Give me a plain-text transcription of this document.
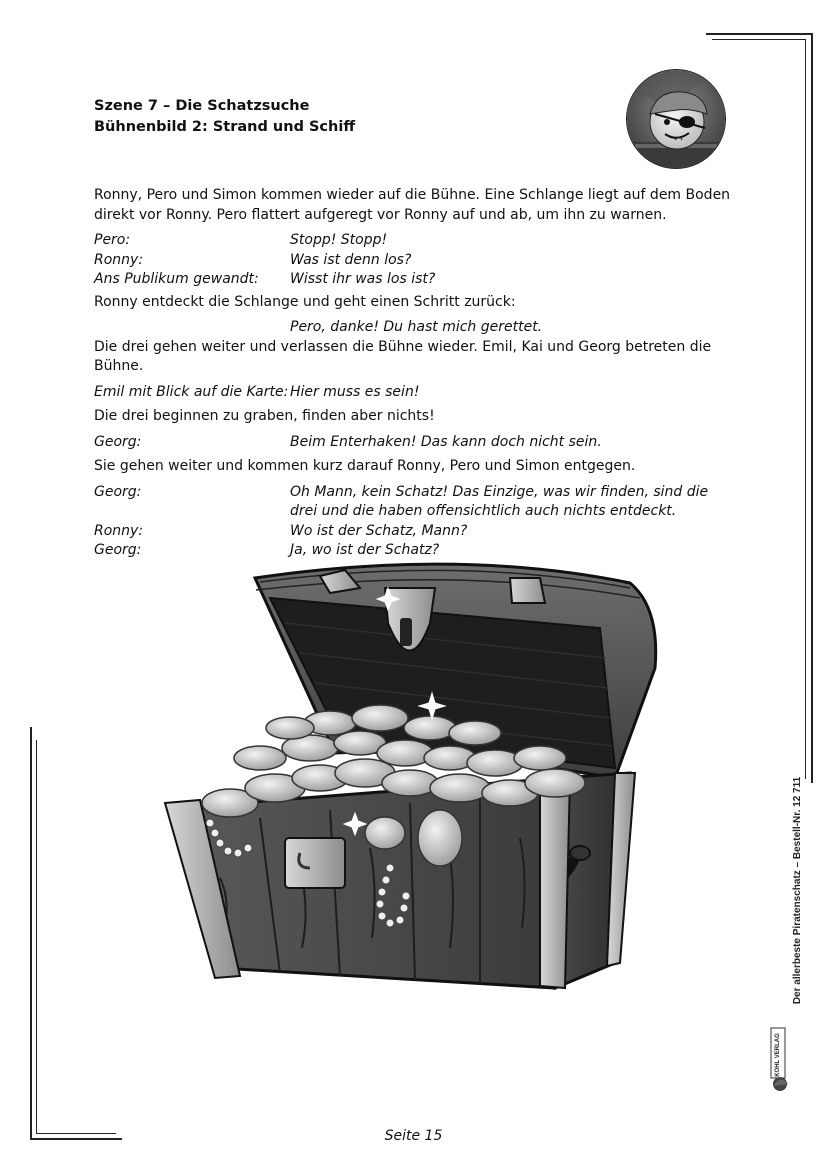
Szene 7 – Die Schatzsuche
Bühnenbild 2: Strand und Schiff

Ronny, Pero und Simon kommen wieder auf die Bühne. Eine Schlange liegt auf dem Boden direkt vor Ronny. Pero flattert aufgeregt vor Ronny auf und ab, um ihn zu warnen.

Pero:	Stopp! Stopp!
Ronny:	Was ist denn los?
Ans Publikum gewandt:	Wisst ihr was los ist?

Ronny entdeckt die Schlange und geht einen Schritt zurück:

Pero, danke! Du hast mich gerettet.

Die drei gehen weiter und verlassen die Bühne wieder. Emil, Kai und Georg betreten die Bühne.

Emil mit Blick auf die Karte: Hier muss es sein!

Die drei beginnen zu graben, finden aber nichts!

Georg:	Beim Enterhaken! Das kann doch nicht sein.

Sie gehen weiter und kommen kurz darauf Ronny, Pero und Simon entgegen.

Georg:	Oh Mann, kein Schatz! Das Einzige, was wir finden, sind die drei und die haben offensichtlich auch nichts entdeckt.
Ronny:	Wo ist der Schatz, Mann?
Georg:	Ja, wo ist der Schatz?
Der allerbeste Piratenschatz – Bestell-Nr. 12 711
KOHL VERLAG
Seite 15
